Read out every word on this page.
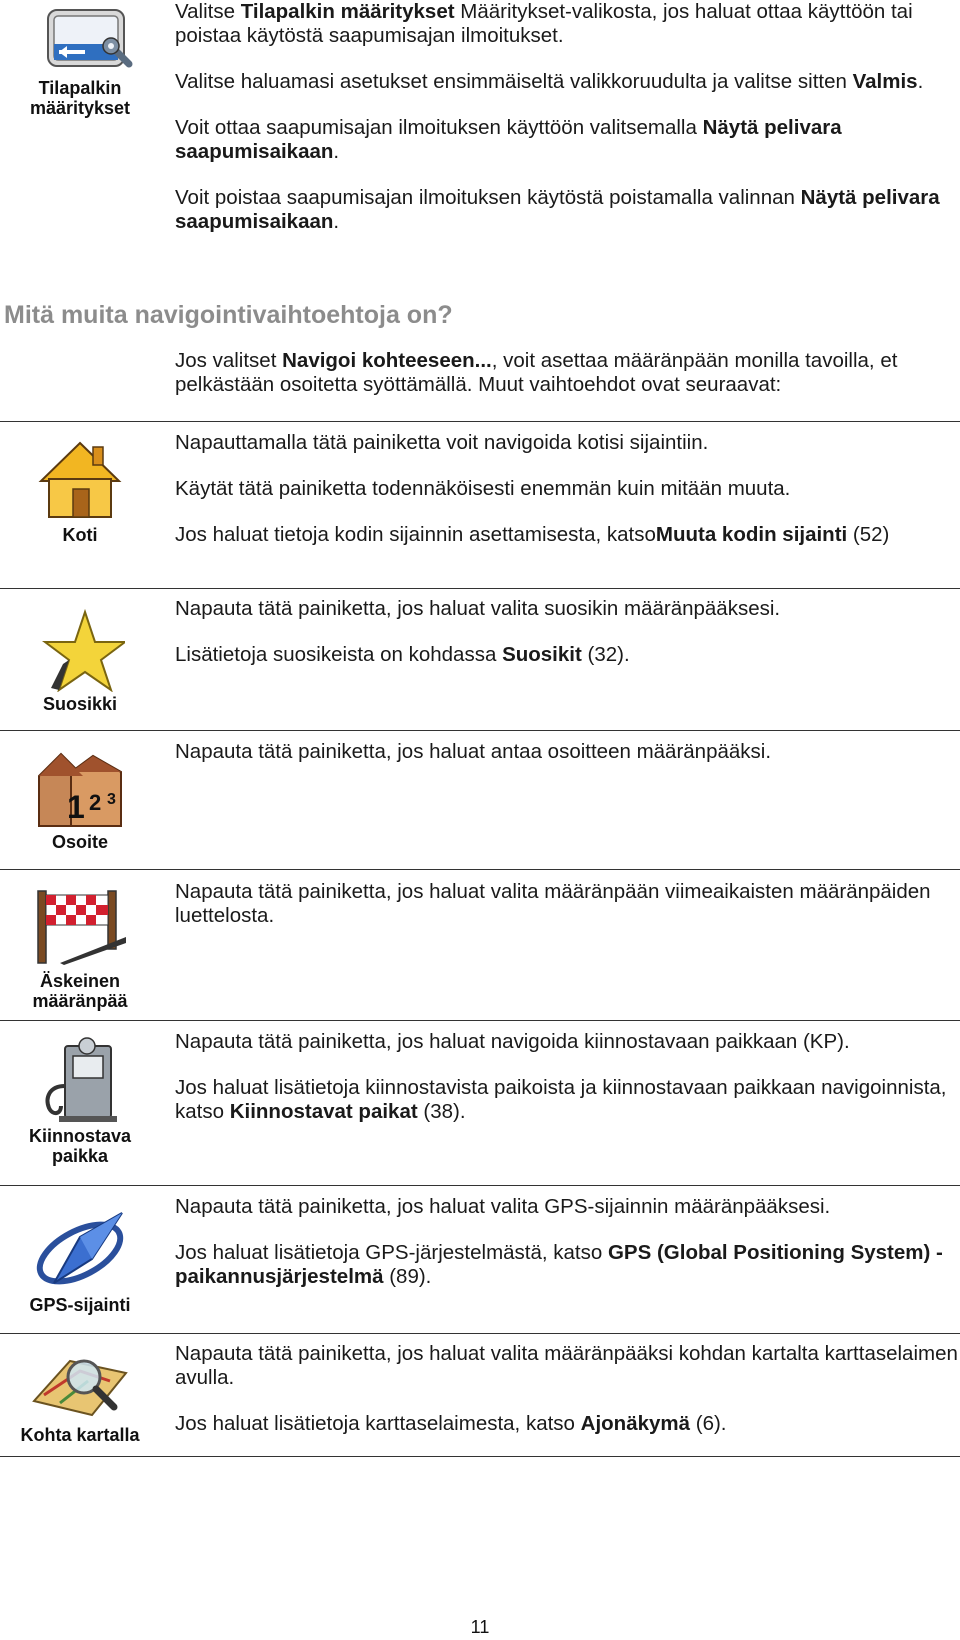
Tilapalkin
määritykset
Valitse Tilapalkin määritykset Määritykset-valikosta, jos haluat ottaa käyttöön tai poistaa käytöstä saapumisajan ilmoitukset.
Valitse haluamasi asetukset ensimmäiseltä valikkoruudulta ja valitse sitten Valmis.
Voit ottaa saapumisajan ilmoituksen käyttöön valitsemalla Näytä pelivara saapumisaikaan.
Voit poistaa saapumisajan ilmoituksen käytöstä poistamalla valinnan Näytä pelivara saapumisaikaan.
Mitä muita navigointivaihtoehtoja on?
Jos valitset Navigoi kohteeseen..., voit asettaa määränpään monilla tavoilla, et pelkästään osoitetta syöttämällä. Muut vaihtoehdot ovat seuraavat:
Koti
Napauttamalla tätä painiketta voit navigoida kotisi sijaintiin.
Käytät tätä painiketta todennäköisesti enemmän kuin mitään muuta.
Jos haluat tietoja kodin sijainnin asettamisesta, katsoMuuta kodin sijainti (52)
Suosikki
Napauta tätä painiketta, jos haluat valita suosikin määränpääksesi.
Lisätietoja suosikeista on kohdassa Suosikit (32).
1 2 3
Osoite
Napauta tätä painiketta, jos haluat antaa osoitteen määränpääksi.
Äskeinen
määränpää
Napauta tätä painiketta, jos haluat valita määränpään viimeaikaisten määränpäiden luettelosta.
Kiinnostava
paikka
Napauta tätä painiketta, jos haluat navigoida kiinnostavaan paikkaan (KP).
Jos haluat lisätietoja kiinnostavista paikoista ja kiinnostavaan paikkaan navigoinnista, katso Kiinnostavat paikat (38).
GPS-sijainti
Napauta tätä painiketta, jos haluat valita GPS-sijainnin määränpääksesi.
Jos haluat lisätietoja GPS-järjestelmästä, katso GPS (Global Positioning System) -paikannusjärjestelmä (89).
Kohta kartalla
Napauta tätä painiketta, jos haluat valita määränpääksi kohdan kartalta karttaselaimen avulla.
Jos haluat lisätietoja karttaselaimesta, katso Ajonäkymä (6).
11
